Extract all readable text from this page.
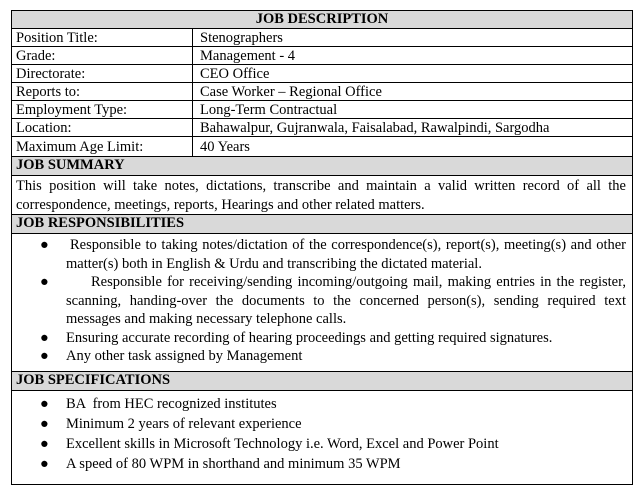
JOB DESCRIPTION
Position Title:	Stenographers
Grade:	Management - 4
Directorate:	CEO Office
Reports to:	Case Worker – Regional Office
Employment Type:	Long-Term Contractual
Location:	Bahawalpur, Gujranwala, Faisalabad, Rawalpindi, Sargodha
Maximum Age Limit:	40 Years
JOB SUMMARY
This position will take notes, dictations, transcribe and maintain a valid written record of all the correspondence, meetings, reports, Hearings and other related matters.
JOB RESPONSIBILITIES
● Responsible to taking notes/dictation of the correspondence(s), report(s), meeting(s) and other matter(s) both in English & Urdu and transcribing the dictated material.
●	Responsible for receiving/sending incoming/outgoing mail, making entries in the register, scanning, handing-over the documents to the concerned person(s), sending required text messages and making necessary telephone calls.
● Ensuring accurate recording of hearing proceedings and getting required signatures.
● Any other task assigned by Management
JOB SPECIFICATIONS
● BA  from HEC recognized institutes
● Minimum 2 years of relevant experience
● Excellent skills in Microsoft Technology i.e. Word, Excel and Power Point
● A speed of 80 WPM in shorthand and minimum 35 WPM
